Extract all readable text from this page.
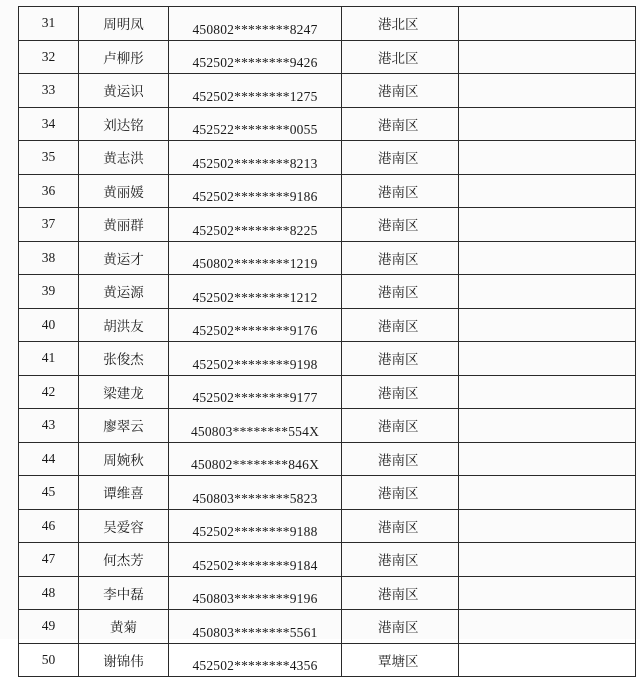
31	周明凤	450802********8247	港北区	
32	卢柳彤	452502********9426	港北区	
33	黄运识	452502********1275	港南区	
34	刘达铭	452522********0055	港南区	
35	黄志洪	452502********8213	港南区	
36	黄丽媛	452502********9186	港南区	
37	黄丽群	452502********8225	港南区	
38	黄运才	450802********1219	港南区	
39	黄运源	452502********1212	港南区	
40	胡洪友	452502********9176	港南区	
41	张俊杰	452502********9198	港南区	
42	梁建龙	452502********9177	港南区	
43	廖翠云	450803********554X	港南区	
44	周婉秋	450802********846X	港南区	
45	谭维喜	450803********5823	港南区	
46	吴爱容	452502********9188	港南区	
47	何杰芳	452502********9184	港南区	
48	李中磊	450803********9196	港南区	
49	黄菊	450803********5561	港南区	
50	谢锦伟	452502********4356	覃塘区	
